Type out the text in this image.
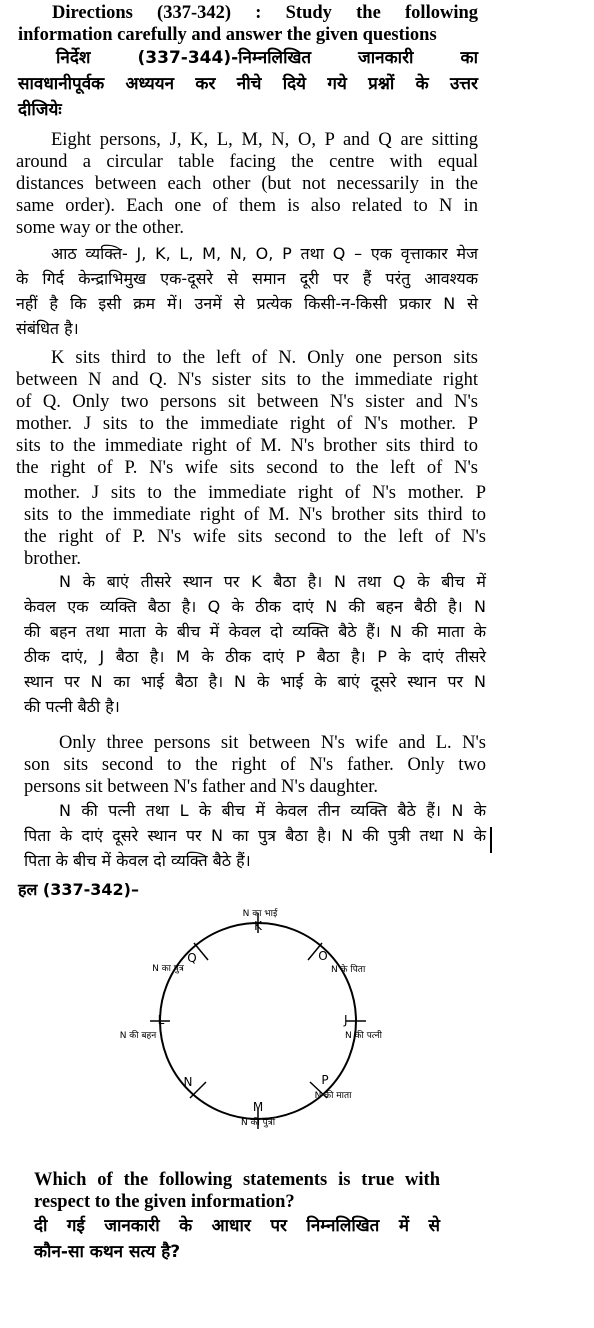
Directions (337-342) : Study the following
information carefully and answer the given questions
निर्देश (337-344)-निम्नलिखित जानकारी का
सावधानीपूर्वक अध्ययन कर नीचे दिये गये प्रश्नों के उत्तर
दीजियेः
Eight persons, J, K, L, M, N, O, P and Q are sitting
around a circular table facing the centre with equal
distances between each other (but not necessarily in the
same order). Each one of them is also related to N in
some way or the other.
आठ व्यक्ति- J, K, L, M, N, O, P तथा Q – एक वृत्ताकार मेज
के गिर्द केन्द्राभिमुख एक-दूसरे से समान दूरी पर हैं परंतु आवश्यक
नहीं है कि इसी क्रम में। उनमें से प्रत्येक किसी-न-किसी प्रकार N से
संबंधित है।
K sits third to the left of N. Only one person sits
between N and Q. N's sister sits to the immediate right
of Q. Only two persons sit between N's sister and N's
mother. J sits to the immediate right of N's mother. P
sits to the immediate right of M. N's brother sits third to
the right of P. N's wife sits second to the left of N's
mother. J sits to the immediate right of N's mother. P
sits to the immediate right of M. N's brother sits third to
the right of P. N's wife sits second to the left of N's
brother.
N के बाएं तीसरे स्थान पर K बैठा है। N तथा Q के बीच में
केवल एक व्यक्ति बैठा है। Q के ठीक दाएं N की बहन बैठी है। N
की बहन तथा माता के बीच में केवल दो व्यक्ति बैठे हैं। N की माता के
ठीक दाएं, J बैठा है। M के ठीक दाएं P बैठा है। P के दाएं तीसरे
स्थान पर N का भाई बैठा है। N के भाई के बाएं दूसरे स्थान पर N
की पत्नी बैठी है।
Only three persons sit between N's wife and L. N's
son sits second to the right of N's father. Only two
persons sit between N's father and N's daughter.
N की पत्नी तथा L के बीच में केवल तीन व्यक्ति बैठे हैं। N के
पिता के दाएं दूसरे स्थान पर N का पुत्र बैठा है। N की पुत्री तथा N के
पिता के बीच में केवल दो व्यक्ति बैठे हैं।
हल (337-342)–
N का भाई
K
O
N के पिता
J
N की पत्नी
P
N की माता
M
N की पुत्री
N
L
N की बहन
Q
N का पुत्र
Which of the following statements is true with
respect to the given information?
दी गई जानकारी के आधार पर निम्नलिखित में से
कौन-सा कथन सत्य है?
